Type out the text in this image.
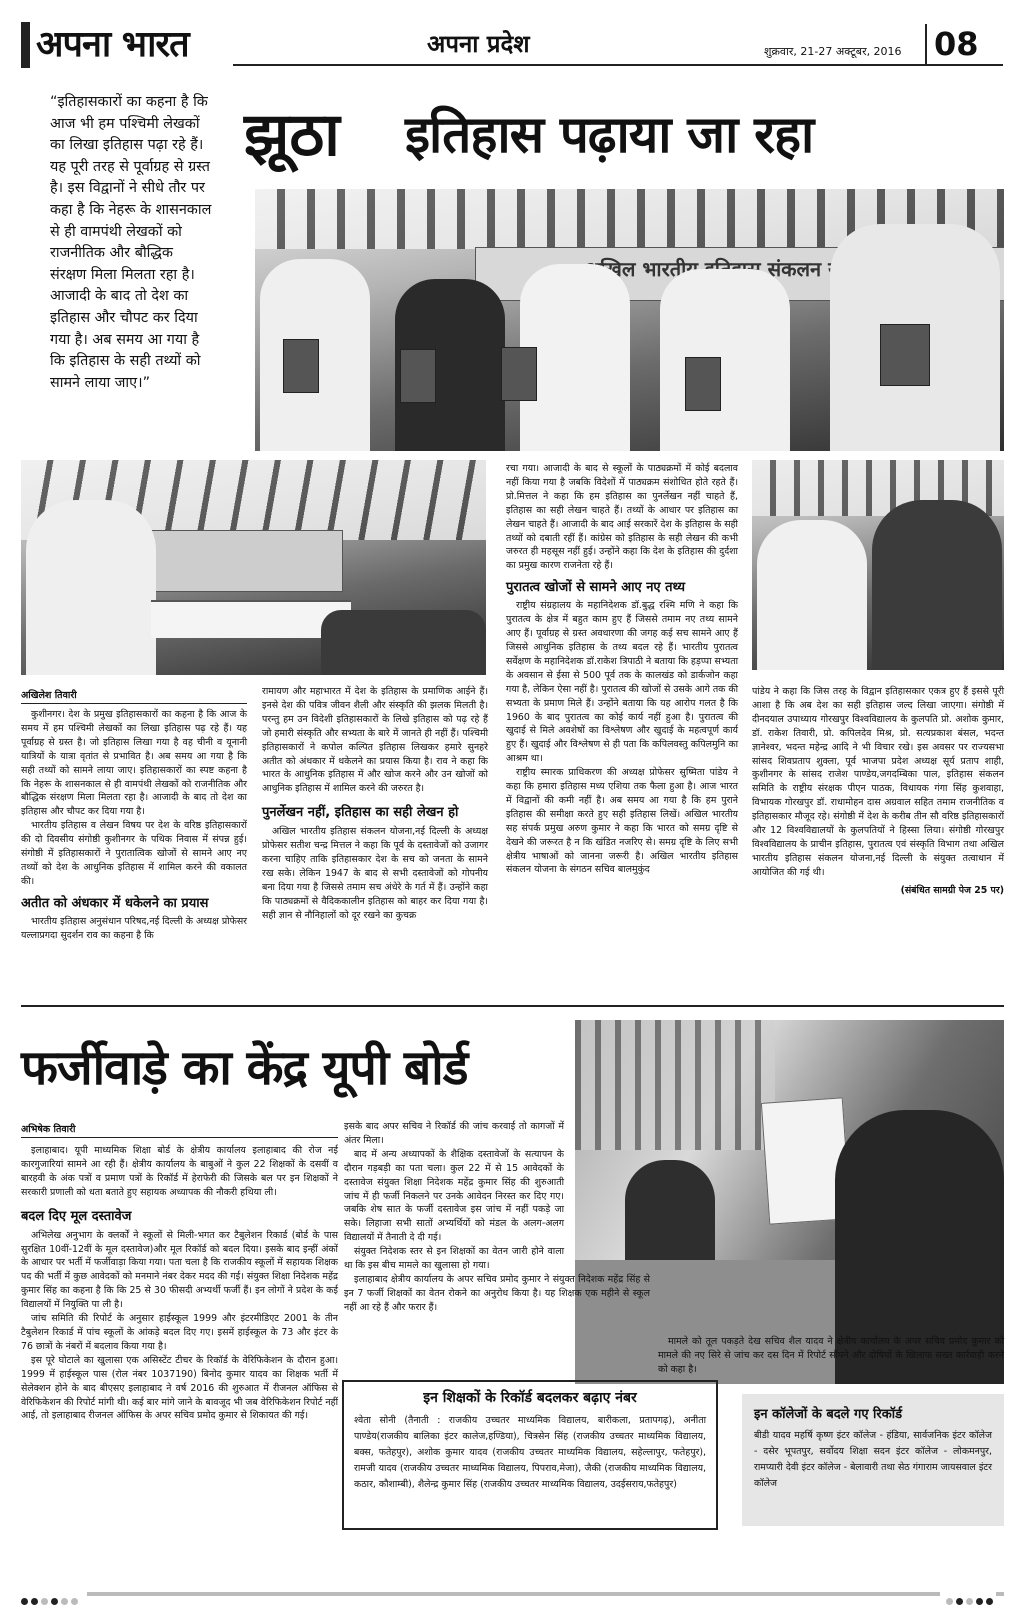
अपना भारत	अपना प्रदेश	शुक्रवार, 21-27 अक्टूबर, 2016 08
“इतिहासकारों का कहना है कि आज भी हम पश्चिमी लेखकों का लिखा इतिहास पढ़ा रहे हैं। यह पूरी तरह से पूर्वाग्रह से ग्रस्त है। इस विद्वानों ने सीधे तौर पर कहा है कि नेहरू के शासनकाल से ही वामपंथी लेखकों को राजनीतिक और बौद्धिक संरक्षण मिला मिलता रहा है। आजादी के बाद तो देश का इतिहास और चौपट कर दिया गया है। अब समय आ गया है कि इतिहास के सही तथ्यों को सामने लाया जाए।”
झूठा इतिहास पढ़ाया जा रहा
भारतीय संकलन
अखिलेश तिवारी
कुशीनगर। देश के प्रमुख इतिहासकारों का कहना है कि आज के समय में हम पश्चिमी लेखकों का लिखा इतिहास पढ़ रहे हैं। यह पूर्वाग्रह से ग्रस्त है। जो इतिहास लिखा गया है वह चीनी व यूनानी यात्रियों के यात्रा वृतांत से प्रभावित है। अब समय आ गया है कि सही तथ्यों को सामने लाया जाए। इतिहासकारों का स्पष्ट कहना है कि नेहरू के शासनकाल से ही वामपंथी लेखकों को राजनीतिक और बौद्धिक संरक्षण मिला मिलता रहा है। आजादी के बाद तो देश का इतिहास और चौपट कर दिया गया है।
भारतीय इतिहास व लेखन विषय पर देश के वरिष्ठ इतिहासकारों की दो दिवसीय संगोष्ठी कुशीनगर के पथिक निवास में संपन्न हुई। संगोष्ठी में इतिहासकारों ने पुरातात्विक खोजों से सामने आए नए तथ्यों को देश के आधुनिक इतिहास में शामिल करने की वकालत की।
अतीत को अंधकार में धकेलने का प्रयास
भारतीय इतिहास अनुसंधान परिषद,नई दिल्ली के अध्यक्ष प्रोफेसर यल्लाप्रगदा सुदर्शन राव का कहना है कि
रामायण और महाभारत में देश के इतिहास के प्रमाणिक आईने हैं। इनसे देश की पवित्र जीवन शैली और संस्कृति की झलक मिलती है। परन्तु हम उन विदेशी इतिहासकारों के लिखे इतिहास को पढ़ रहे हैं जो हमारी संस्कृति और सभ्यता के बारे में जानते ही नहीं हैं। पश्चिमी इतिहासकारों ने कपोल कल्पित इतिहास लिखकर हमारे सुनहरे अतीत को अंधकार में धकेलने का प्रयास किया है। राव ने कहा कि भारत के आधुनिक इतिहास में और खोज करने और उन खोजों को आधुनिक इतिहास में शामिल करने की जरुरत है।
पुनर्लेखन नहीं, इतिहास का सही लेखन हो
अखिल भारतीय इतिहास संकलन योजना,नई दिल्ली के अध्यक्ष प्रोफेसर सतीश चन्द्र मित्तल ने कहा कि पूर्व के दस्तावेजों को उजागर करना चाहिए ताकि इतिहासकार देश के सच को जनता के सामने रख सके। लेकिन 1947 के बाद से सभी दस्तावेजों को गोपनीय बना दिया गया है जिससे तमाम सच अंधेरे के गर्त में हैं। उन्होंने कहा कि पाठ्यक्रमों से वैदिककालीन इतिहास को बाहर कर दिया गया है। सही ज्ञान से नौनिहालों को दूर रखने का कुचक्र
रचा गया। आजादी के बाद से स्कूलों के पाठ्यक्रमों में कोई बदलाव नहीं किया गया है जबकि विदेशों में पाठ्यक्रम संशोधित होते रहते हैं। प्रो.मित्तल ने कहा कि हम इतिहास का पुनर्लेखन नहीं चाहते हैं, इतिहास का सही लेखन चाहते हैं। तथ्यों के आधार पर इतिहास का लेखन चाहते हैं। आजादी के बाद आई सरकारें देश के इतिहास के सही तथ्यों को दबाती रहीं हैं। कांग्रेस को इतिहास के सही लेखन की कभी जरुरत ही महसूस नहीं हुई। उन्होंने कहा कि देश के इतिहास की दुर्दशा का प्रमुख कारण राजनेता रहे हैं।
पुरातत्व खोजों से सामने आए नए तथ्य
राष्ट्रीय संग्रहालय के महानिदेशक डॉ.बुद्ध रश्मि मणि ने कहा कि पुरातत्व के क्षेत्र में बहुत काम हुए हैं जिससे तमाम नए तथ्य सामने आए हैं। पूर्वाग्रह से ग्रस्त अवधारणा की जगह कई सच सामने आए हैं जिससे आधुनिक इतिहास के तथ्य बदल रहे हैं। भारतीय पुरातत्व सर्वेक्षण के महानिदेशक डॉ.राकेश त्रिपाठी ने बताया कि हड़प्पा सभ्यता के अवसान से ईसा से 500 पूर्व तक के कालखंड को डार्कजोन कहा गया है, लेकिन ऐसा नहीं है। पुरातत्व की खोजों से उसके आगे तक की सभ्यता के प्रमाण मिले हैं। उन्होंने बताया कि यह आरोप गलत है कि 1960 के बाद पुरातत्व का कोई कार्य नहीं हुआ है। पुरातत्व की खुदाई से मिले अवशेषों का विश्लेषण और खुदाई के महत्वपूर्ण कार्य हुए हैं। खुदाई और विश्लेषण से ही पता कि कपिलवस्तु कपिलमुनि का आश्रम था।
राष्ट्रीय स्मारक प्राधिकरण की अध्यक्ष प्रोफेसर सुष्मिता पांडेय ने कहा कि हमारा इतिहास मध्य एशिया तक फैला हुआ है। आज भारत में विद्वानों की कमी नहीं है। अब समय आ गया है कि हम पुराने इतिहास की समीक्षा करते हुए सही इतिहास लिखें। अखिल भारतीय सह संपर्क प्रमुख अरुण कुमार ने कहा कि भारत को समग्र दृष्टि से देखने की जरूरत है न कि खंडित नजरिए से। समग्र दृष्टि के लिए सभी क्षेत्रीय भाषाओं को जानना जरूरी है। अखिल भारतीय इतिहास संकलन योजना के संगठन सचिव बालमुकुंद
पांडेय ने कहा कि जिस तरह के विद्वान इतिहासकार एकत्र हुए हैं इससे पूरी आशा है कि अब देश का सही इतिहास जल्द लिखा जाएगा। संगोष्ठी में दीनदयाल उपाध्याय गोरखपुर विश्वविद्यालय के कुलपति प्रो. अशोक कुमार, डॉ. राकेश तिवारी, प्रो. कपिलदेव मिश्र, प्रो. सत्यप्रकाश बंसल, भदन्त ज्ञानेश्वर, भदन्त महेन्द्र आदि ने भी विचार रखे। इस अवसर पर राज्यसभा सांसद शिवप्रताप शुक्ला, पूर्व भाजपा प्रदेश अध्यक्ष सूर्य प्रताप शाही, कुशीनगर के सांसद राजेश पाण्डेय,जगदम्बिका पाल, इतिहास संकलन समिति के राष्ट्रीय संरक्षक पीएन पाठक, विधायक गंगा सिंह कुशवाहा, विभायक गोरखपुर डॉ. राधामोहन दास अग्रवाल सहित तमाम राजनीतिक व इतिहासकार मौजूद रहे। संगोष्ठी में देश के करीब तीन सौ वरिष्ठ इतिहासकारों और 12 विश्वविद्यालयों के कुलपतियों ने हिस्सा लिया। संगोष्ठी गोरखपुर विश्वविद्यालय के प्राचीन इतिहास, पुरातत्व एवं संस्कृति विभाग तथा अखिल भारतीय इतिहास संकलन योजना,नई दिल्ली के संयुक्त तत्वाधान में आयोजित की गई थी।
(संबंधित सामग्री पेज 25 पर)
फर्जीवाड़े का केंद्र यूपी बोर्ड
अभिषेक तिवारी
इलाहाबाद। यूपी माध्यमिक शिक्षा बोर्ड के क्षेत्रीय कार्यालय इलाहाबाद की रोज नई कारगुजारियां सामने आ रही हैं। क्षेत्रीय कार्यालय के बाबुओं ने कुल 22 शिक्षकों के दसवीं व बारहवी के अंक पत्रों व प्रमाण पत्रों के रिकॉर्ड में हेराफेरी की जिसके बल पर इन शिक्षकों ने सरकारी प्रणाली को धता बताते हुए सहायक अध्यापक की नौकरी हथिया ली।
बदल दिए मूल दस्तावेज
अभिलेख अनुभाग के क्लर्कों ने स्कूलों से मिली-भगत कर टैबुलेशन रिकार्ड (बोर्ड के पास सुरक्षित 10वीं-12वीं के मूल दस्तावेज)और मूल रिकॉर्ड को बदल दिया। इसके बाद इन्हीं अंकों के आधार पर भर्ती में फर्जीवाड़ा किया गया। पता चला है कि राजकीय स्कूलों में सहायक शिक्षक पद की भर्ती में कुछ आवेदकों को मनमाने नंबर देकर मदद की गई। संयुक्त शिक्षा निदेशक महेंद्र कुमार सिंह का कहना है कि कि 25 से 30 फीसदी अभ्यर्थी फर्जी हैं। इन लोगों ने प्रदेश के कई विद्यालयों में नियुक्ति पा ली है।
जांच समिति की रिपोर्ट के अनुसार हाईस्कूल 1999 और इंटरमीडिएट 2001 के तीन टैबुलेशन रिकार्ड में पांच स्कूलों के आंकड़े बदल दिए गए। इसमें हाईस्कूल के 73 और इंटर के 76 छात्रों के नंबरों में बदलाव किया गया है।
इस पूरे घोटाले का खुलासा एक असिस्टेंट टीचर के रिकॉर्ड के वेरिफिकेशन के दौरान हुआ। 1999 में हाईस्कूल पास (रोल नंबर 1037190) बिनोद कुमार यादव का शिक्षक भर्ती में सेलेक्शन होने के बाद बीएसए इलाहाबाद ने वर्ष 2016 की शुरुआत में रीजनल ऑफिस से वेरिफिकेशन की रिपोर्ट मांगी थी। कई बार मांगे जाने के बावजूद भी जब वेरिफिकेशन रिपोर्ट नहीं आई, तो इलाहाबाद रीजनल ऑफिस के अपर सचिव प्रमोद कुमार से शिकायत की गई।
इसके बाद अपर सचिव ने रिकॉर्ड की जांच करवाई तो कागजों में अंतर मिला।
बाद में अन्य अध्यापकों के शैक्षिक दस्तावेजों के सत्यापन के दौरान गड़बड़ी का पता चला। कुल 22 में से 15 आवेदकों के दस्तावेज संयुक्त शिक्षा निदेशक महेंद्र कुमार सिंह की शुरुआती जांच में ही फर्जी निकलने पर उनके आवेदन निरस्त कर दिए गए। जबकि शेष सात के फर्जी दस्तावेज इस जांच में नहीं पकड़े जा सके। लिहाजा सभी सातों अभ्यर्थियों को मंडल के अलग-अलग विद्यालयों में तैनाती दे दी गई।
संयुक्त निदेशक स्तर से इन शिक्षकों का वेतन जारी होने वाला था कि इस बीच मामले का खुलासा हो गया।
इलाहाबाद क्षेत्रीय कार्यालय के अपर सचिव प्रमोद कुमार ने संयुक्त निदेशक महेंद्र सिंह से इन 7 फर्जी शिक्षकों का वेतन रोकने का अनुरोध किया है। यह शिक्षक एक महीने से स्कूल नहीं आ रहे हैं और फरार हैं।
मामले को तूल पकड़ते देख सचिव शैल यादव ने क्षेत्रीय कार्यालय के अपर सचिव प्रमोद कुमार को मामले की नए सिरे से जांच कर दस दिन में रिपोर्ट सौंपने और दोषियों के खिलाफ सख्त कार्रवाही करने को कहा है।
इन शिक्षकों के रिकॉर्ड बदलकर बढ़ाए नंबर
श्वेता सोनी (तैनाती : राजकीय उच्चतर माध्यमिक विद्यालय, बारीकला, प्रतापगढ़), अनीता पाण्डेय(राजकीय बालिका इंटर कालेज,हण्डिया), चित्रसेन सिंह (राजकीय उच्चतर माध्यमिक विद्यालय, बक्स, फतेहपुर), अशोक कुमार यादव (राजकीय उच्चतर माध्यमिक विद्यालय, सहेल्लापुर, फतेहपुर), रामजी यादव (राजकीय उच्चतर माध्यमिक विद्यालय, पिपराव,मेजा), जैकी (राजकीय माध्यमिक विद्यालय, कठार, कौशाम्बी), शैलेन्द्र कुमार सिंह (राजकीय उच्चतर माध्यमिक विद्यालय, उदईसराय,फतेहपुर)
इन कॉलेजों के बदले गए रिकॉर्ड
बीडी यादव महर्षि कृष्ण इंटर कॉलेज - हंडिया, सार्वजनिक इंटर कॉलेज - दसेर भूपतपुर, सर्वोदय शिक्षा सदन इंटर कॉलेज - लोकमनपुर, रामप्यारी देवी इंटर कॉलेज - बेलावारी तथा सेठ गंगाराम जायसवाल इंटर कॉलेज
